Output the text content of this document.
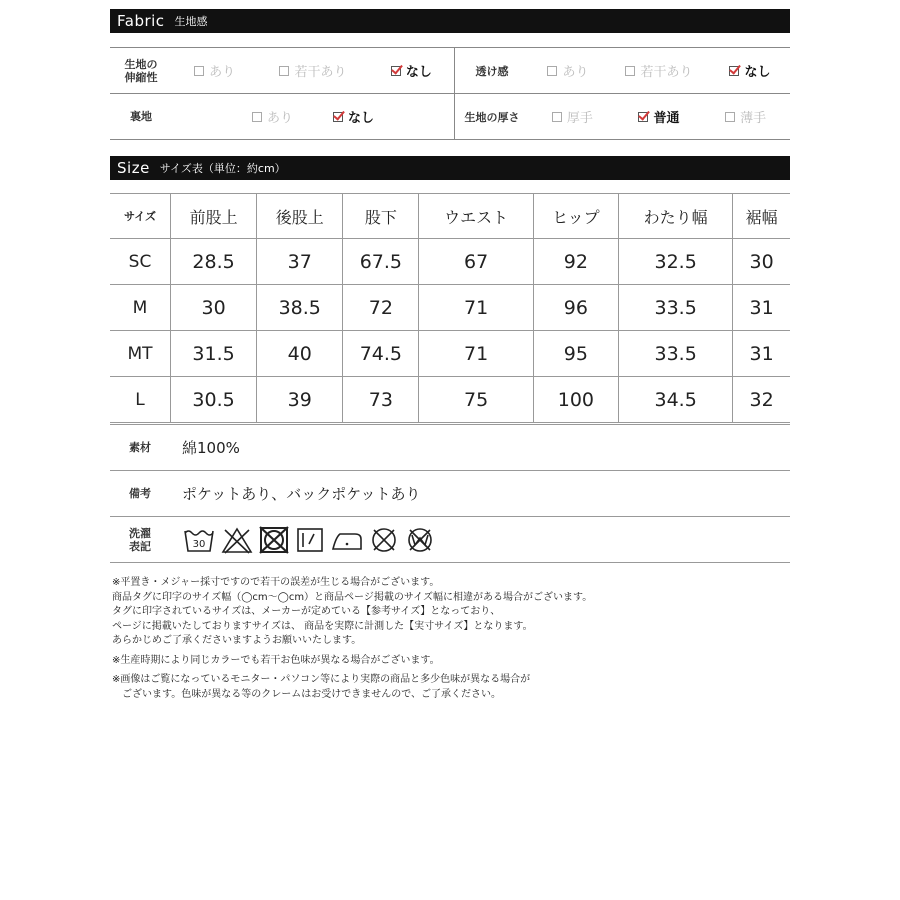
Fabric 生地感
生地の
伸縮性	あり	若干あり	なし	透け感	あり	若干あり	なし
裏地	あり	なし	生地の厚さ	厚手	普通	薄手
Size サイズ表（単位：約cm）
サイズ	前股上	後股上	股下	ウエスト	ヒップ	わたり幅	裾幅
SC	28.5	37	67.5	67	92	32.5	30
M	30	38.5	72	71	96	33.5	31
MT	31.5	40	74.5	71	95	33.5	31
L	30.5	39	73	75	100	34.5	32
素材	綿100%
備考	ポケットあり、バックポケットあり
洗濯
表記	30

※平置き・メジャー採寸ですので若干の誤差が生じる場合がございます。

商品タグに印字のサイズ幅（◯cm〜◯cm）と商品ページ掲載のサイズ幅に相違がある場合がございます。

タグに印字されているサイズは、メーカーが定めている【参考サイズ】となっており、

ページに掲載いたしておりますサイズは、 商品を実際に計測した【実寸サイズ】となります。

あらかじめご了承くださいますようお願いいたします。

※生産時期により同じカラーでも若干お色味が異なる場合がございます。

※画像はご覧になっているモニター・パソコン等により実際の商品と多少色味が異なる場合が

　ございます。色味が異なる等のクレームはお受けできませんので、ご了承ください。
